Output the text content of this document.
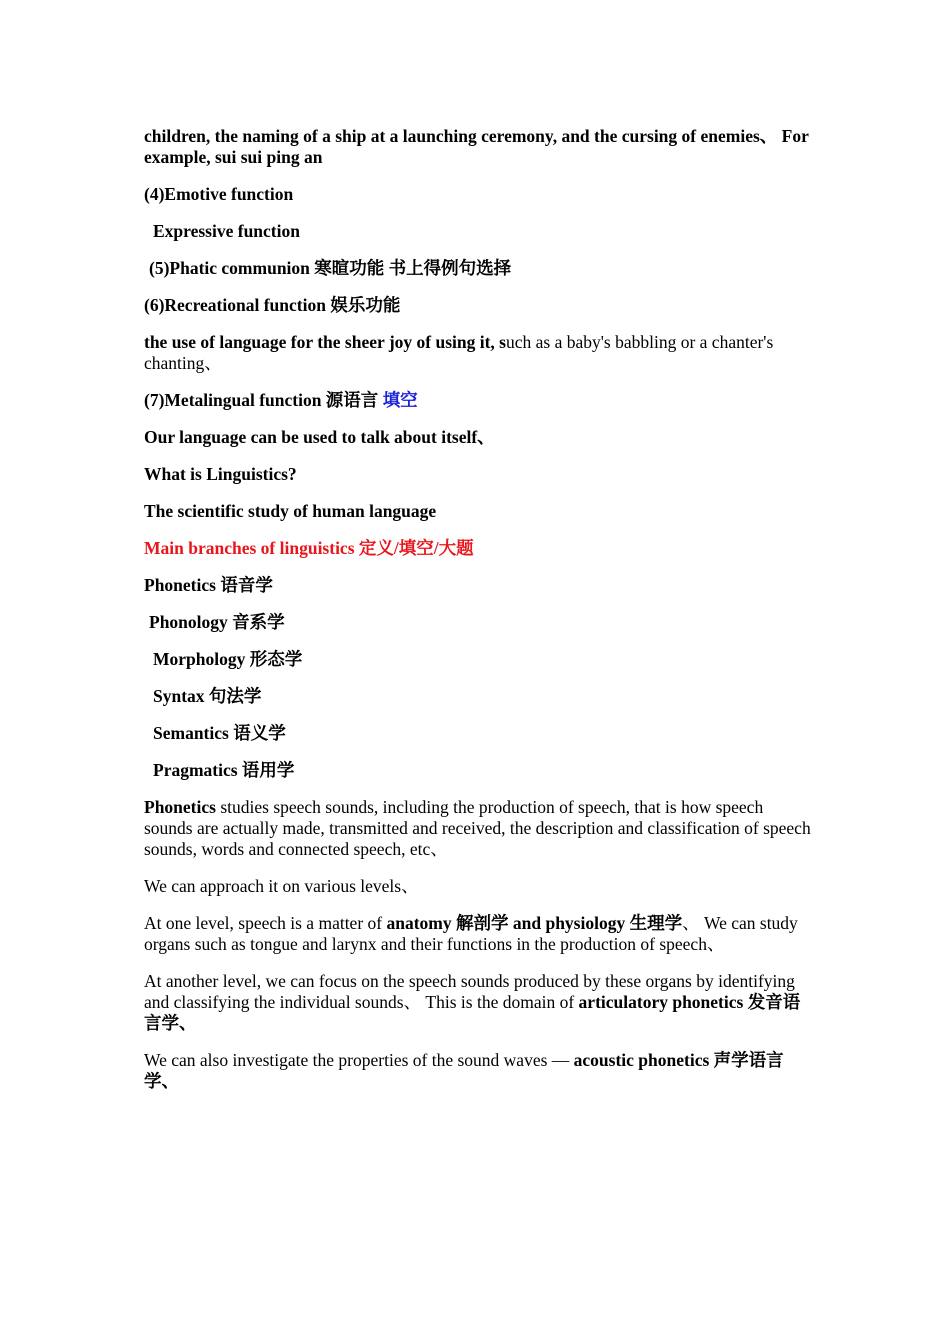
children, the naming of a ship at a launching ceremony, and the cursing of enemies、 For example, sui sui ping an

(4)Emotive function

Expressive function

(5)Phatic communion 寒暄功能 书上得例句选择

(6)Recreational function 娱乐功能

the use of language for the sheer joy of using it, such as a baby's babbling or a chanter's chanting、

(7)Metalingual function 源语言 填空

Our language can be used to talk about itself、

What is Linguistics?

The scientific study of human language

Main branches of linguistics 定义/填空/大题

Phonetics 语音学

Phonology 音系学

Morphology 形态学

Syntax 句法学

Semantics 语义学

Pragmatics 语用学

Phonetics studies speech sounds, including the production of speech, that is how speech sounds are actually made, transmitted and received, the description and classification of speech sounds, words and connected speech, etc、

We can approach it on various levels、

At one level, speech is a matter of anatomy 解剖学 and physiology 生理学、 We can study organs such as tongue and larynx and their functions in the production of speech、

At another level, we can focus on the speech sounds produced by these organs by identifying and classifying the individual sounds、 This is the domain of articulatory phonetics 发音语言学、

We can also investigate the properties of the sound waves — acoustic phonetics 声学语言学、
